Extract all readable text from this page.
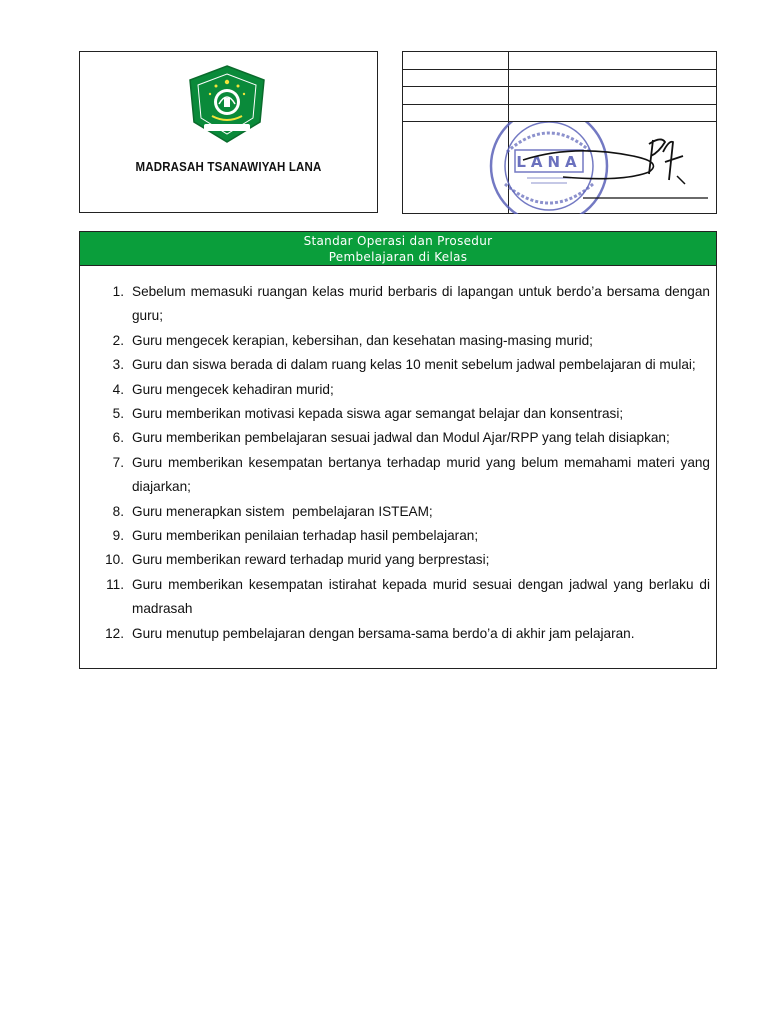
MADRASAH TSANAWIYAH LANA	LANA
Standar Operasi dan Prosedur
Pembelajaran di Kelas
1. Sebelum memasuki ruangan kelas murid berbaris di lapangan untuk berdo’a bersama dengan guru;
2. Guru mengecek kerapian, kebersihan, dan kesehatan masing-masing murid;
3. Guru dan siswa berada di dalam ruang kelas 10 menit sebelum jadwal pembelajaran di mulai;
4. Guru mengecek kehadiran murid;
5. Guru memberikan motivasi kepada siswa agar semangat belajar dan konsentrasi;
6. Guru memberikan pembelajaran sesuai jadwal dan Modul Ajar/RPP yang telah disiapkan;
7. Guru memberikan kesempatan bertanya terhadap murid yang belum memahami materi yang diajarkan;
8. Guru menerapkan sistem  pembelajaran ISTEAM;
9. Guru memberikan penilaian terhadap hasil pembelajaran;
10. Guru memberikan reward terhadap murid yang berprestasi;
11. Guru memberikan kesempatan istirahat kepada murid sesuai dengan jadwal yang berlaku di madrasah
12. Guru menutup pembelajaran dengan bersama-sama berdo’a di akhir jam pelajaran.
